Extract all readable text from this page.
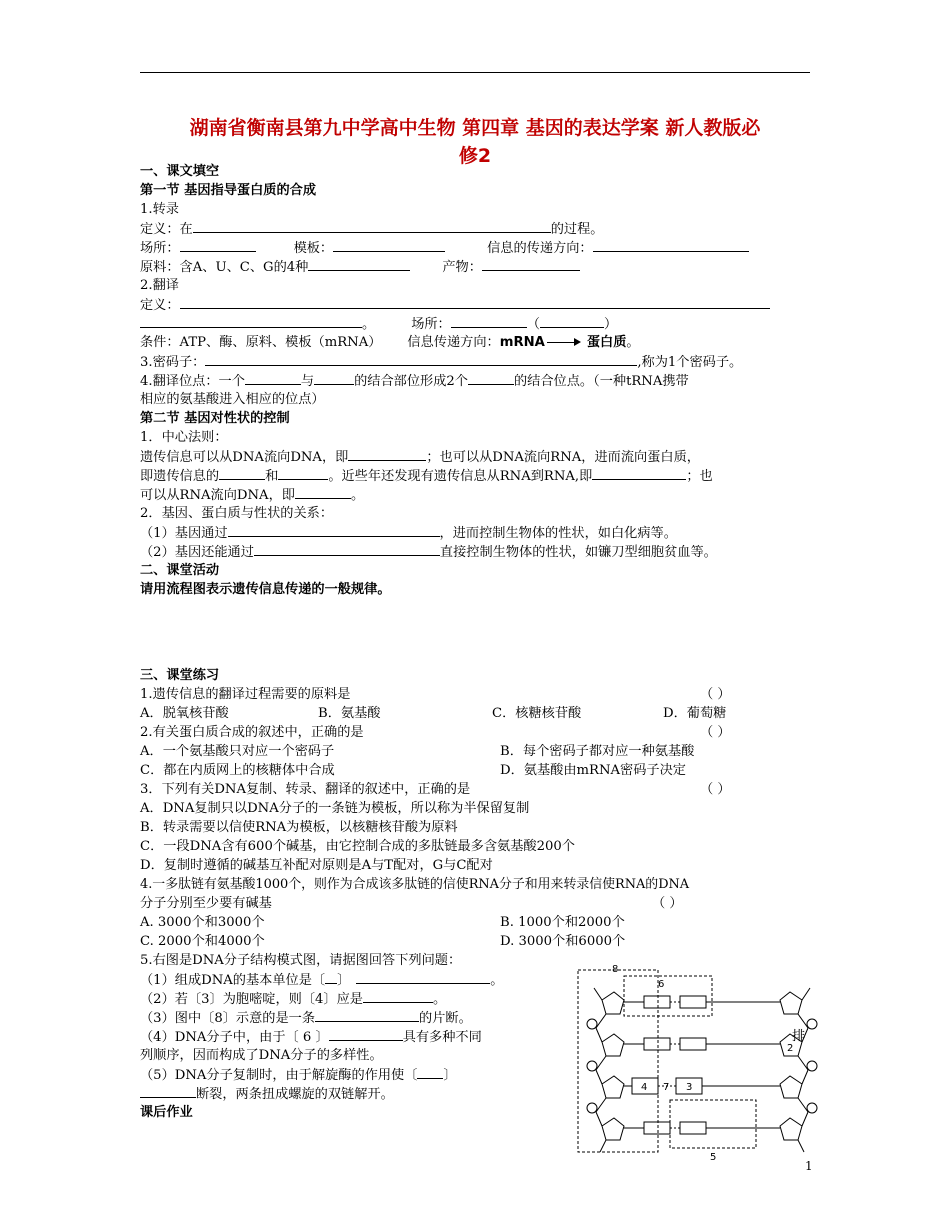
湖南省衡南县第九中学高中生物 第四章 基因的表达学案 新人教版必
修2
一、课文填空
第一节 基因指导蛋白质的合成
1.转录
定义：在	的过程。
场所：	模板：	信息的传递方向：
原料：含A、U、C、G的4种	产物：
2.翻译
定义：
。	场所：	（	）
条件：ATP、酶、原料、模板（mRNA） 信息传递方向：mRNA	蛋白质。
3.密码子：	,称为1个密码子。
4.翻译位点：一个	与	的结合部位形成2个	的结合位点。（一种tRNA携带
相应的氨基酸进入相应的位点）
第二节 基因对性状的控制
1．中心法则：
遗传信息可以从DNA流向DNA，即	；也可以从DNA流向RNA，进而流向蛋白质，
即遗传信息的	和	。近些年还发现有遗传信息从RNA到RNA,即	；也
可以从RNA流向DNA，即	。
2．基因、蛋白质与性状的关系：
（1）基因通过	，进而控制生物体的性状，如白化病等。
（2）基因还能通过	直接控制生物体的性状，如镰刀型细胞贫血等。
二、课堂活动
请用流程图表示遗传信息传递的一般规律。
三、课堂练习
1.遗传信息的翻译过程需要的原料是	（ ）
A．脱氧核苷酸	B．氨基酸	C．核糖核苷酸	D．葡萄糖
2.有关蛋白质合成的叙述中，正确的是	（ ）
A．一个氨基酸只对应一个密码子	B．每个密码子都对应一种氨基酸
C．都在内质网上的核糖体中合成	D．氨基酸由mRNA密码子决定
3．下列有关DNA复制、转录、翻译的叙述中，正确的是	（ ）
A．DNA复制只以DNA分子的一条链为模板，所以称为半保留复制
B．转录需要以信使RNA为模板，以核糖核苷酸为原料
C．一段DNA含有600个碱基，由它控制合成的多肽链最多含氨基酸200个
D．复制时遵循的碱基互补配对原则是A与T配对，G与C配对
4.一多肽链有氨基酸1000个，则作为合成该多肽链的信使RNA分子和用来转录信使RNA的DNA
分子分别至少要有碱基	（ ）
A. 3000个和3000个	B. 1000个和2000个
C. 2000个和4000个	D. 3000个和6000个
5.右图是DNA分子结构模式图，请据图回答下列问题：
（1）组成DNA的基本单位是〔 〕	。
（2）若〔3〕为胞嘧啶，则〔4〕应是	。
（3）图中〔8〕示意的是一条	的片断。
（4）DNA分子中，由于〔 6 〕	具有多种不同	排
列顺序，因而构成了DNA分子的多样性。
（5）DNA分子复制时，由于解旋酶的作用使〔 〕
断裂，两条扭成螺旋的双链解开。
课后作业
8
6
2
4 7 3
5
1
